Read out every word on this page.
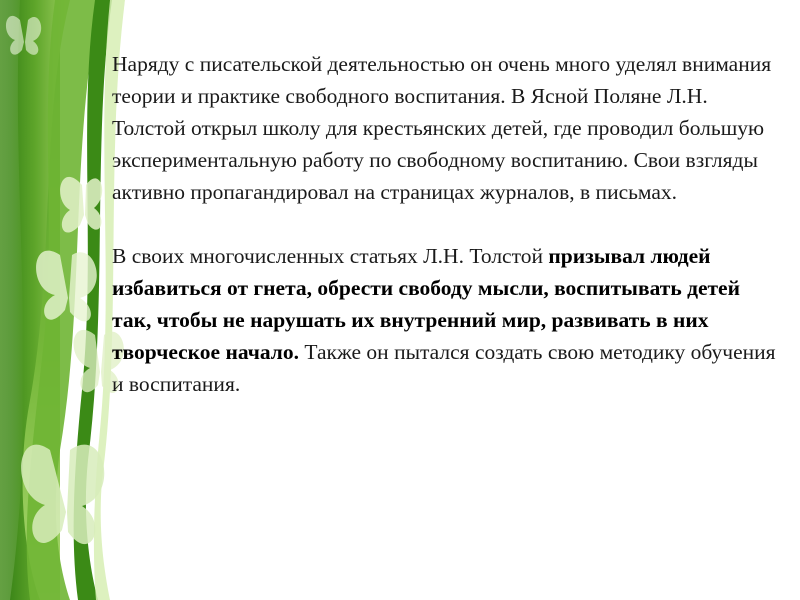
Наряду с писательской деятельностью он очень много уделял внимания теории и практике свободного воспитания. В Ясной Поляне Л.Н. Толстой открыл школу для крестьянских детей, где проводил большую экспериментальную работу по свободному воспитанию. Свои взгляды активно пропагандировал на страницах журналов, в письмах.

В своих многочисленных статьях Л.Н. Толстой призывал людей избавиться от гнета, обрести свободу мысли, воспитывать детей так, чтобы не нарушать их внутренний мир, развивать в них творческое начало. Также он пытался создать свою методику обучения и воспитания.
